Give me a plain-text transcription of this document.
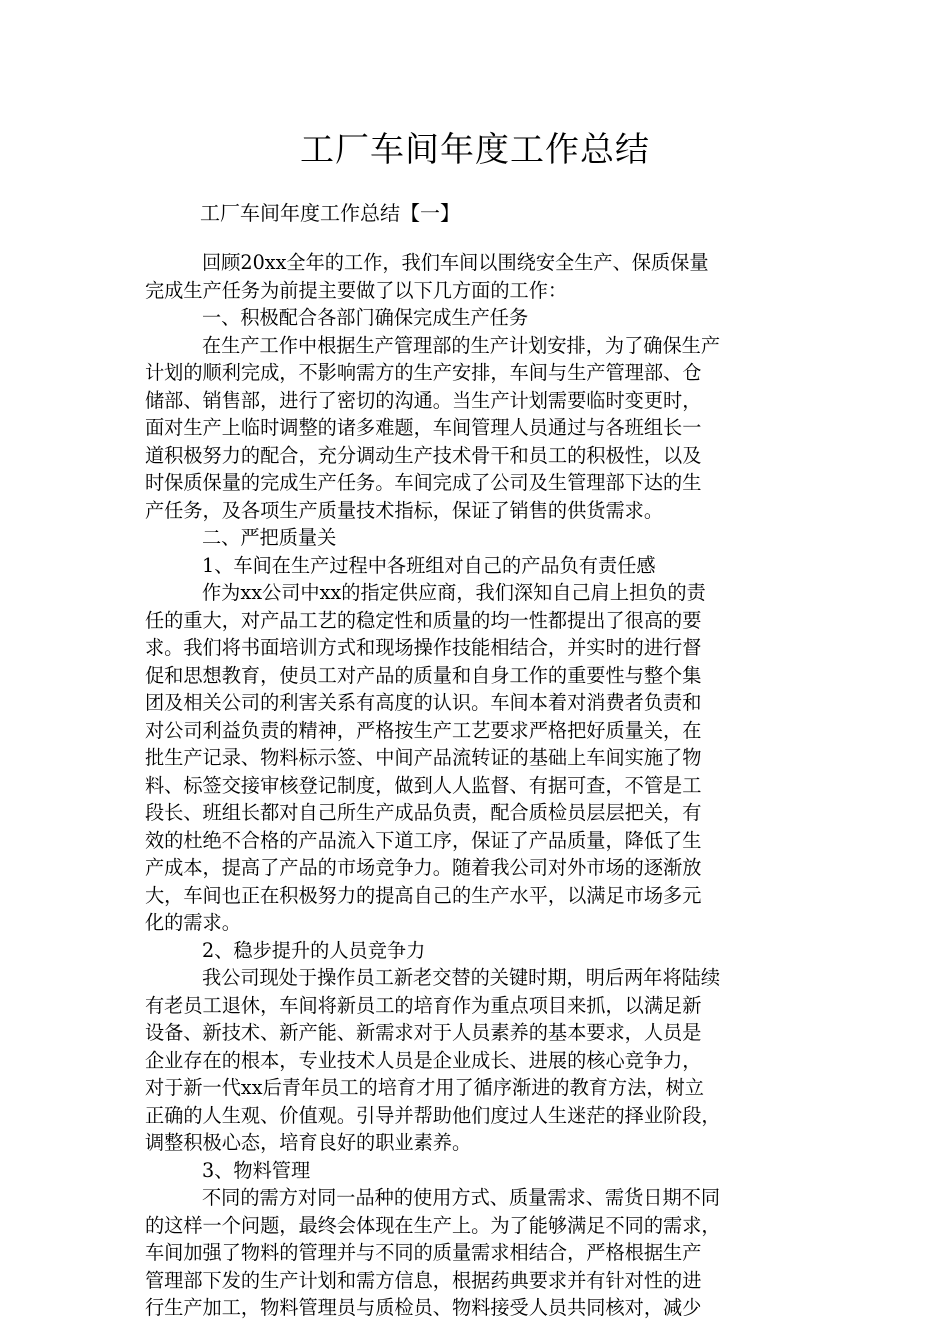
工厂车间年度工作总结
工厂车间年度工作总结【一】
回顾20xx全年的工作，我们车间以围绕安全生产、保质保量
完成生产任务为前提主要做了以下几方面的工作：
一、积极配合各部门确保完成生产任务
在生产工作中根据生产管理部的生产计划安排，为了确保生产
计划的顺利完成，不影响需方的生产安排，车间与生产管理部、仓
储部、销售部，进行了密切的沟通。当生产计划需要临时变更时，
面对生产上临时调整的诸多难题，车间管理人员通过与各班组长一
道积极努力的配合，充分调动生产技术骨干和员工的积极性，以及
时保质保量的完成生产任务。车间完成了公司及生管理部下达的生
产任务，及各项生产质量技术指标，保证了销售的供货需求。
二、严把质量关
1、车间在生产过程中各班组对自己的产品负有责任感
作为xx公司中xx的指定供应商，我们深知自己肩上担负的责
任的重大，对产品工艺的稳定性和质量的均一性都提出了很高的要
求。我们将书面培训方式和现场操作技能相结合，并实时的进行督
促和思想教育，使员工对产品的质量和自身工作的重要性与整个集
团及相关公司的利害关系有高度的认识。车间本着对消费者负责和
对公司利益负责的精神，严格按生产工艺要求严格把好质量关，在
批生产记录、物料标示签、中间产品流转证的基础上车间实施了物
料、标签交接审核登记制度，做到人人监督、有据可查，不管是工
段长、班组长都对自己所生产成品负责，配合质检员层层把关，有
效的杜绝不合格的产品流入下道工序，保证了产品质量，降低了生
产成本，提高了产品的市场竞争力。随着我公司对外市场的逐渐放
大，车间也正在积极努力的提高自己的生产水平，以满足市场多元
化的需求。
2、稳步提升的人员竞争力
我公司现处于操作员工新老交替的关键时期，明后两年将陆续
有老员工退休，车间将新员工的培育作为重点项目来抓，以满足新
设备、新技术、新产能、新需求对于人员素养的基本要求，人员是
企业存在的根本，专业技术人员是企业成长、进展的核心竞争力，
对于新一代xx后青年员工的培育才用了循序渐进的教育方法，树立
正确的人生观、价值观。引导并帮助他们度过人生迷茫的择业阶段，
调整积极心态，培育良好的职业素养。
3、物料管理
不同的需方对同一品种的使用方式、质量需求、需货日期不同
的这样一个问题，最终会体现在生产上。为了能够满足不同的需求，
车间加强了物料的管理并与不同的质量需求相结合，严格根据生产
管理部下发的生产计划和需方信息，根据药典要求并有针对性的进
行生产加工，物料管理员与质检员、物料接受人员共同核对，减少
